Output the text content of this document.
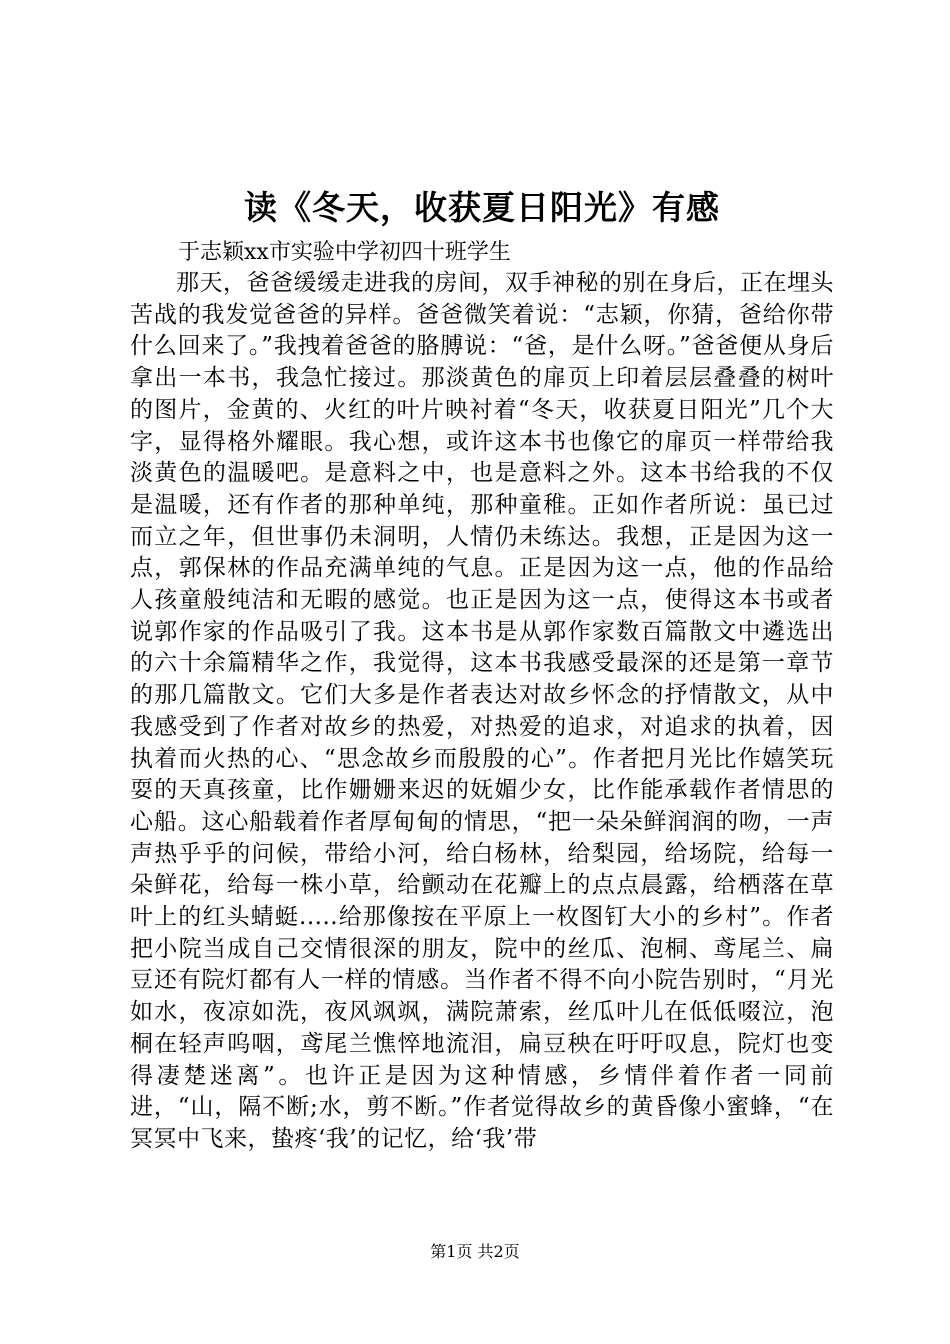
读《冬天，收获夏日阳光》有感

于志颖xx市实验中学初四十班学生

那天，爸爸缓缓走进我的房间，双手神秘的别在身后，正在埋头苦战的我发觉爸爸的异样。爸爸微笑着说：“志颖，你猜，爸给你带什么回来了。”我拽着爸爸的胳膊说：“爸，是什么呀。”爸爸便从身后拿出一本书，我急忙接过。那淡黄色的扉页上印着层层叠叠的树叶的图片，金黄的、火红的叶片映衬着“冬天，收获夏日阳光”几个大字，显得格外耀眼。我心想，或许这本书也像它的扉页一样带给我淡黄色的温暖吧。是意料之中，也是意料之外。这本书给我的不仅是温暖，还有作者的那种单纯，那种童稚。正如作者所说：虽已过而立之年，但世事仍未洞明，人情仍未练达。我想，正是因为这一点，郭保林的作品充满单纯的气息。正是因为这一点，他的作品给人孩童般纯洁和无暇的感觉。也正是因为这一点，使得这本书或者说郭作家的作品吸引了我。这本书是从郭作家数百篇散文中遴选出的六十余篇精华之作，我觉得，这本书我感受最深的还是第一章节的那几篇散文。它们大多是作者表达对故乡怀念的抒情散文，从中我感受到了作者对故乡的热爱，对热爱的追求，对追求的执着，因执着而火热的心、“思念故乡而殷殷的心”。作者把月光比作嬉笑玩耍的天真孩童，比作姗姗来迟的妩媚少女，比作能承载作者情思的心船。这心船载着作者厚甸甸的情思，“把一朵朵鲜润润的吻，一声声热乎乎的问候，带给小河，给白杨林，给梨园，给场院，给每一朵鲜花，给每一株小草，给颤动在花瓣上的点点晨露，给栖落在草叶上的红头蜻蜓.....给那像按在平原上一枚图钉大小的乡村”。作者把小院当成自己交情很深的朋友，院中的丝瓜、泡桐、鸢尾兰、扁豆还有院灯都有人一样的情感。当作者不得不向小院告别时，“月光如水，夜凉如洗，夜风飒飒，满院萧索，丝瓜叶儿在低低啜泣，泡桐在轻声呜咽，鸢尾兰憔悴地流泪，扁豆秧在吁吁叹息，院灯也变得凄楚迷离”。也许正是因为这种情感，乡情伴着作者一同前进，“山，隔不断;水，剪不断。”作者觉得故乡的黄昏像小蜜蜂，“在冥冥中飞来，蛰疼‘我’的记忆，给‘我’带

第1页 共2页
